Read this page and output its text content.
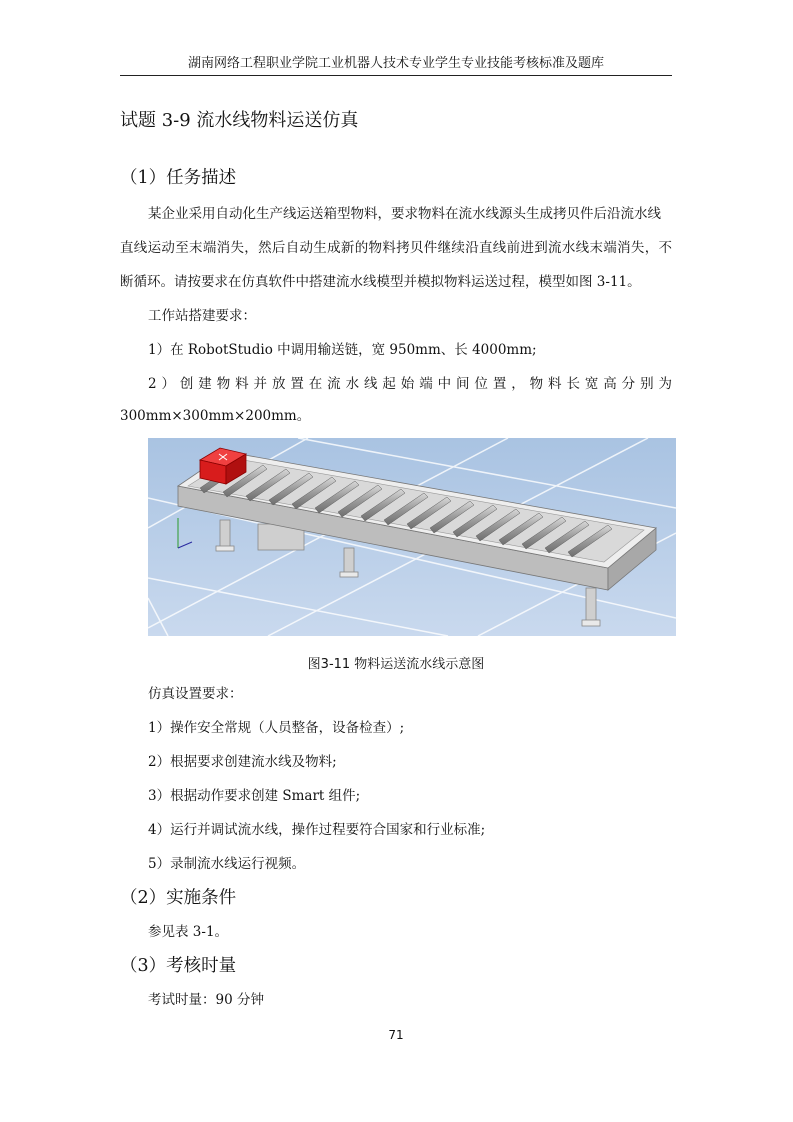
湖南网络工程职业学院工业机器人技术专业学生专业技能考核标准及题库
试题 3-9 流水线物料运送仿真
（1）任务描述
某企业采用自动化生产线运送箱型物料，要求物料在流水线源头生成拷贝件后沿流水线
直线运动至末端消失，然后自动生成新的物料拷贝件继续沿直线前进到流水线末端消失，不
断循环。请按要求在仿真软件中搭建流水线模型并模拟物料运送过程，模型如图 3-11。
工作站搭建要求：
1）在 RobotStudio 中调用输送链，宽 950mm、长 4000mm;
2）创建物料并放置在流水线起始端中间位置，物料长宽高分别为
300mm×300mm×200mm。
图3-11 物料运送流水线示意图
仿真设置要求：
1）操作安全常规（人员整备，设备检查）;
2）根据要求创建流水线及物料;
3）根据动作要求创建 Smart 组件;
4）运行并调试流水线，操作过程要符合国家和行业标准;
5）录制流水线运行视频。
（2）实施条件
参见表 3-1。
（3）考核时量
考试时量：90 分钟
71
